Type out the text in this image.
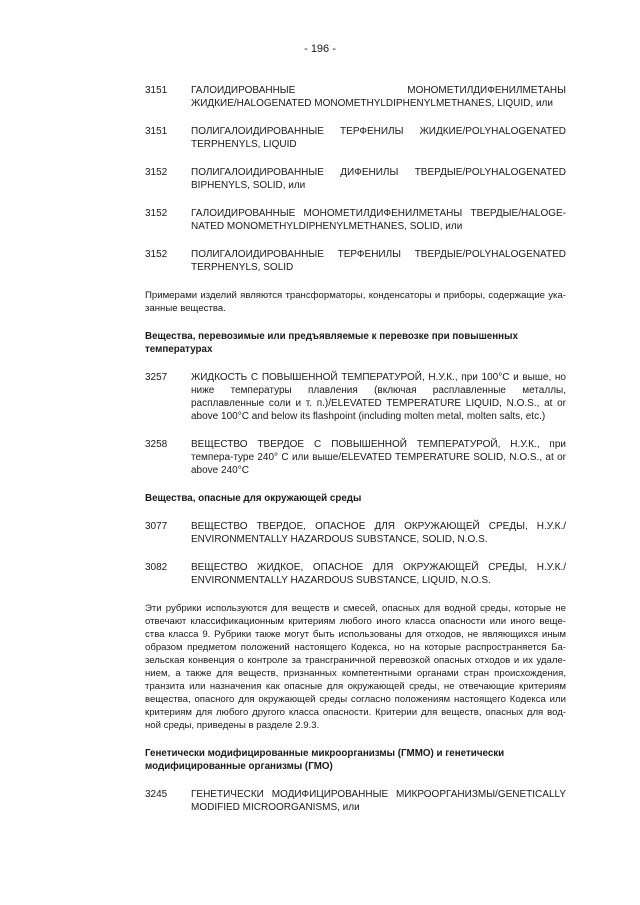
- 196 -
3151	ГАЛОИДИРОВАННЫЕ МОНОМЕТИЛДИФЕНИЛМЕТАНЫ ЖИДКИЕ/HALOGENATED MONOMETHYLDIPHENYLMETHANES, LIQUID, или
3151	ПОЛИГАЛОИДИРОВАННЫЕ ТЕРФЕНИЛЫ ЖИДКИЕ/POLYHALOGENATED TERPHENYLS, LIQUID
3152	ПОЛИГАЛОИДИРОВАННЫЕ ДИФЕНИЛЫ ТВЕРДЫЕ/POLYHALOGENATED BIPHENYLS, SOLID, или
3152	ГАЛОИДИРОВАННЫЕ МОНОМЕТИЛДИФЕНИЛМЕТАНЫ ТВЕРДЫЕ/HALOGE-NATED MONOMETHYLDIPHENYLMETHANES, SOLID, или
3152	ПОЛИГАЛОИДИРОВАННЫЕ ТЕРФЕНИЛЫ ТВЕРДЫЕ/POLYHALOGENATED TERPHENYLS, SOLID

Примерами изделий являются трансформаторы, конденсаторы и приборы, содержащие ука-занные вещества.

Вещества, перевозимые или предъявляемые к перевозке при повышенных температурах

3257	ЖИДКОСТЬ С ПОВЫШЕННОЙ ТЕМПЕРАТУРОЙ, Н.У.К., при 100°C и выше, но ниже температуры плавления (включая расплавленные металлы, расплавленные соли и т. п.)/ELEVATED TEMPERATURE LIQUID, N.O.S., at or above 100°C and below its flashpoint (including molten metal, molten salts, etc.)
3258	ВЕЩЕСТВО ТВЕРДОЕ С ПОВЫШЕННОЙ ТЕМПЕРАТУРОЙ, Н.У.К., при темпера-туре 240° C или выше/ELEVATED TEMPERATURE SOLID, N.O.S., at or above 240°C

Вещества, опасные для окружающей среды

3077	ВЕЩЕСТВО ТВЕРДОЕ, ОПАСНОЕ ДЛЯ ОКРУЖАЮЩЕЙ СРЕДЫ, Н.У.К./ ENVIRONMENTALLY HAZARDOUS SUBSTANCE, SOLID, N.O.S.
3082	ВЕЩЕСТВО ЖИДКОЕ, ОПАСНОЕ ДЛЯ ОКРУЖАЮЩЕЙ СРЕДЫ, Н.У.К./ ENVIRONMENTALLY HAZARDOUS SUBSTANCE, LIQUID, N.O.S.

Эти рубрики используются для веществ и смесей, опасных для водной среды, которые не отвечают классификационным критериям любого иного класса опасности или иного веще-ства класса 9. Рубрики также могут быть использованы для отходов, не являющихся иным образом предметом положений настоящего Кодекса, но на которые распространяется Ба-зельская конвенция о контроле за трансграничной перевозкой опасных отходов и их удале-нием, а также для веществ, признанных компетентными органами стран происхождения, транзита или назначения как опасные для окружающей среды, не отвечающие критериям вещества, опасного для окружающей среды согласно положениям настоящего Кодекса или критериям для любого другого класса опасности. Критерии для веществ, опасных для вод-ной среды, приведены в разделе 2.9.3.

Генетически модифицированные микроорганизмы (ГММО) и генетически модифицированные организмы (ГМО)

3245	ГЕНЕТИЧЕСКИ МОДИФИЦИРОВАННЫЕ МИКРООРГАНИЗМЫ/GENETICALLY MODIFIED MICROORGANISMS, или
